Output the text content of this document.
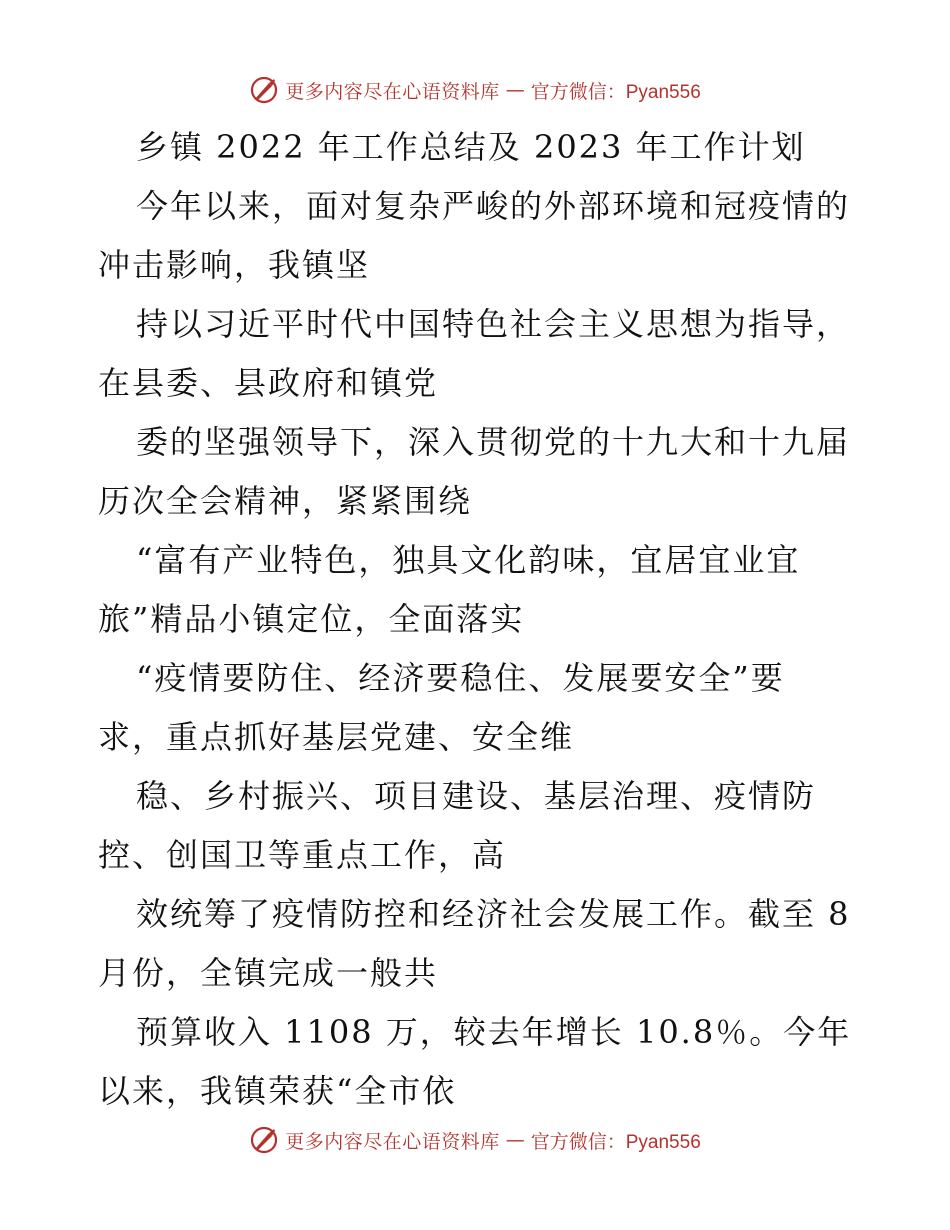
更多内容尽在心语资料库 — 官方微信：Pyan556
乡镇 2022 年工作总结及 2023 年工作计划
今年以来，面对复杂严峻的外部环境和冠疫情的
冲击影响，我镇坚
持以习近平时代中国特色社会主义思想为指导，
在县委、县政府和镇党
委的坚强领导下，深入贯彻党的十九大和十九届
历次全会精神，紧紧围绕
“富有产业特色，独具文化韵味，宜居宜业宜
旅”精品小镇定位，全面落实
“疫情要防住、经济要稳住、发展要安全”要
求，重点抓好基层党建、安全维
稳、乡村振兴、项目建设、基层治理、疫情防
控、创国卫等重点工作，高
效统筹了疫情防控和经济社会发展工作。截至 8
月份，全镇完成一般共
预算收入 1108 万，较去年增长 10.8％。今年
以来，我镇荣获“全市依
更多内容尽在心语资料库 — 官方微信：Pyan556
